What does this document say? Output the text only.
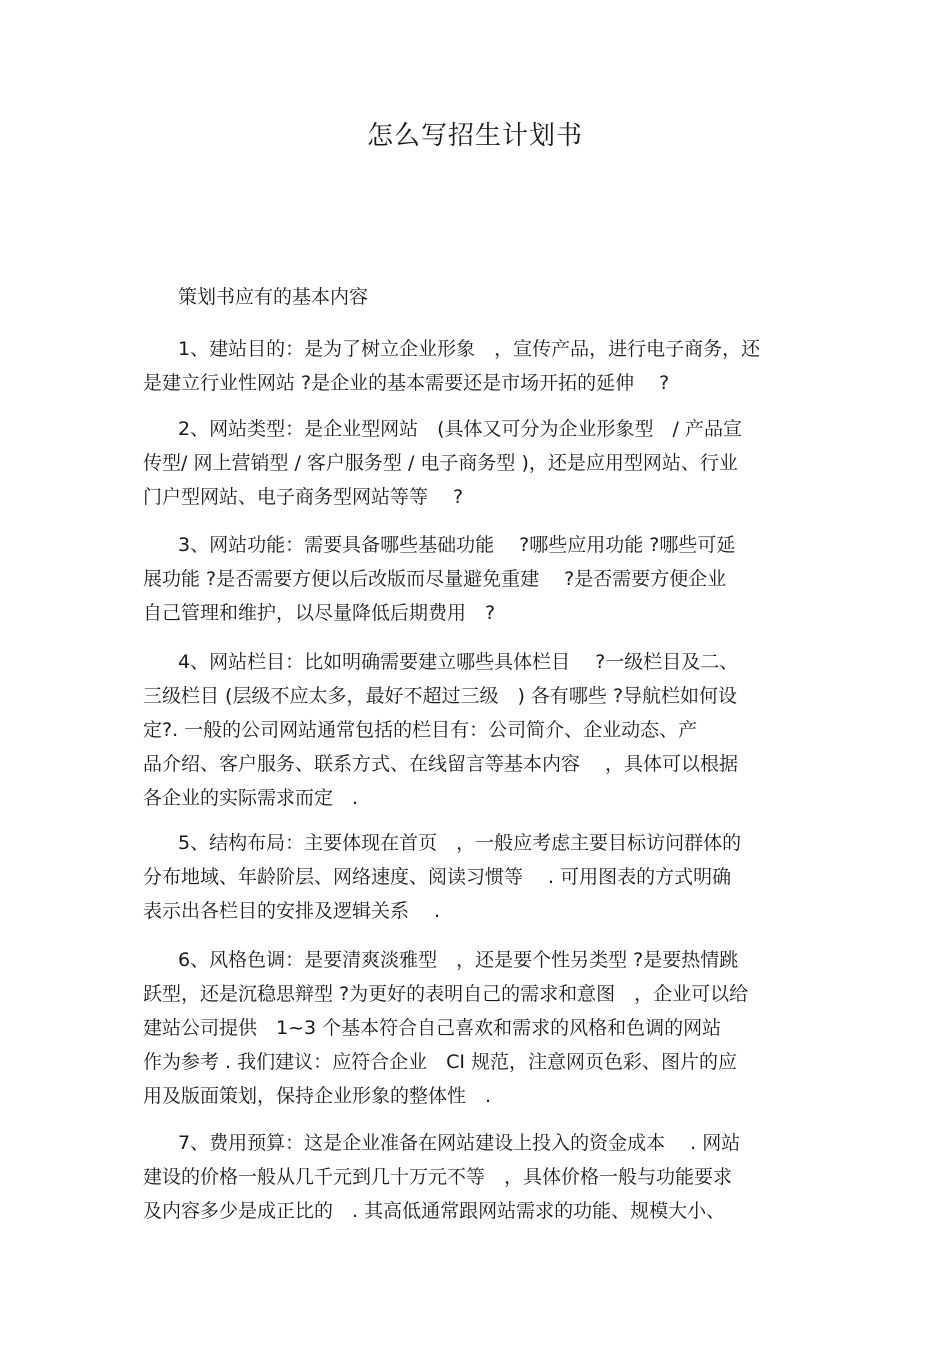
怎么写招生计划书
策划书应有的基本内容
1、建站目的：是为了树立企业形象　，宣传产品，进行电子商务，还
是建立行业性网站 ?是企业的基本需要还是市场开拓的延伸　 ?
2、网站类型：是企业型网站　(具体又可分为企业形象型　/ 产品宣
传型/ 网上营销型 / 客户服务型 / 电子商务型 )，还是应用型网站、行业
门户型网站、电子商务型网站等等　 ?
3、网站功能：需要具备哪些基础功能　 ?哪些应用功能 ?哪些可延
展功能 ?是否需要方便以后改版而尽量避免重建　 ?是否需要方便企业
自己管理和维护，以尽量降低后期费用　?
4、网站栏目：比如明确需要建立哪些具体栏目　 ?一级栏目及二、
三级栏目 (层级不应太多，最好不超过三级　) 各有哪些 ?导航栏如何设
定?. 一般的公司网站通常包括的栏目有：公司简介、企业动态、产
品介绍、客户服务、联系方式、在线留言等基本内容　 ，具体可以根据
各企业的实际需求而定　.
5、结构布局：主要体现在首页　，一般应考虑主要目标访问群体的
分布地域、年龄阶层、网络速度、阅读习惯等　 . 可用图表的方式明确
表示出各栏目的安排及逻辑关系　 .
6、风格色调：是要清爽淡雅型　，还是要个性另类型 ?是要热情跳
跃型，还是沉稳思辩型 ?为更好的表明自己的需求和意图　，企业可以给
建站公司提供　1~3 个基本符合自己喜欢和需求的风格和色调的网站
作为参考 . 我们建议：应符合企业　CI 规范，注意网页色彩、图片的应
用及版面策划，保持企业形象的整体性　.
7、费用预算：这是企业准备在网站建设上投入的资金成本　 . 网站
建设的价格一般从几千元到几十万元不等　，具体价格一般与功能要求
及内容多少是成正比的　. 其高低通常跟网站需求的功能、规模大小、
